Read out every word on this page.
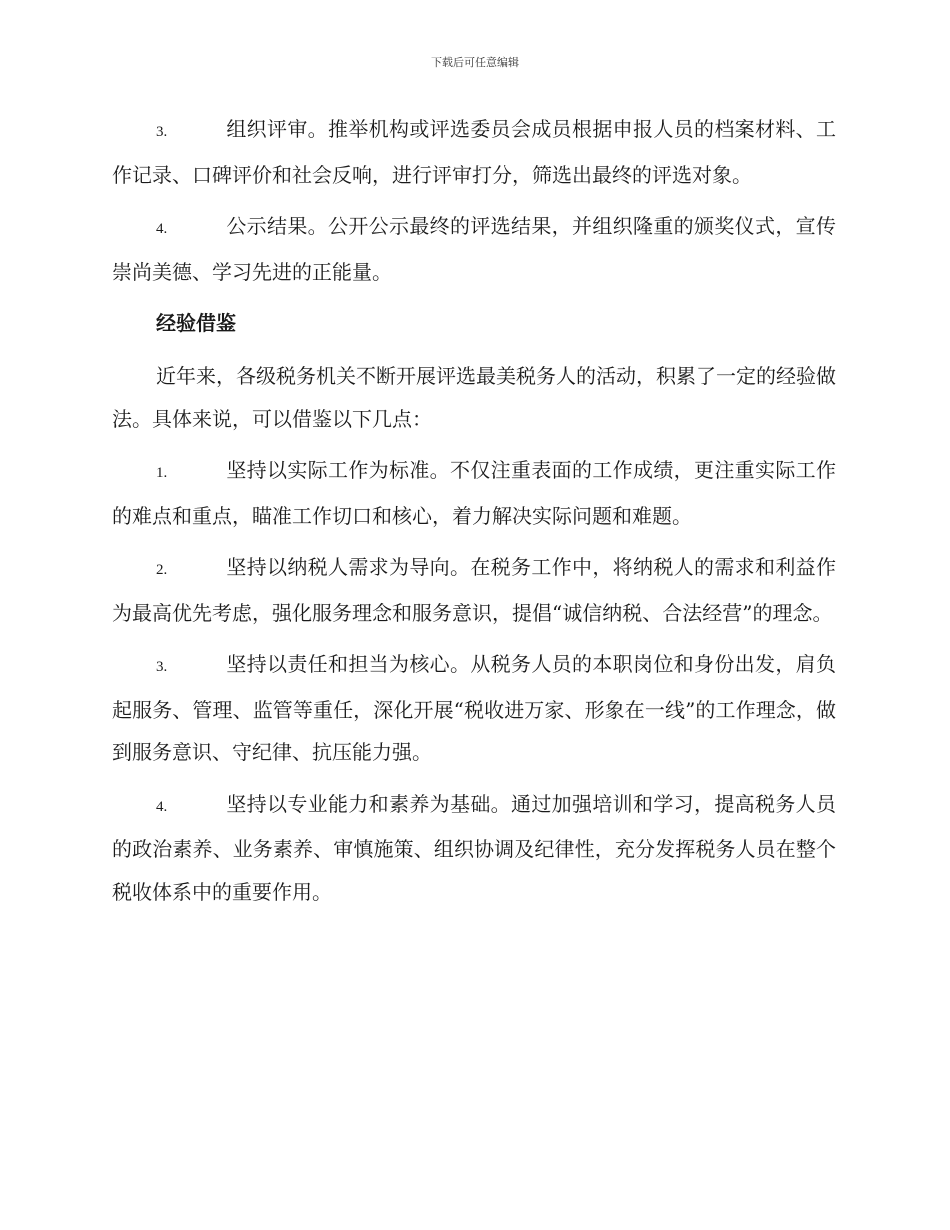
下载后可任意编辑

3.	组织评审。推举机构或评选委员会成员根据申报人员的档案材料、工作记录、口碑评价和社会反响，进行评审打分，筛选出最终的评选对象。

4.	公示结果。公开公示最终的评选结果，并组织隆重的颁奖仪式，宣传崇尚美德、学习先进的正能量。

经验借鉴

近年来，各级税务机关不断开展评选最美税务人的活动，积累了一定的经验做法。具体来说，可以借鉴以下几点：

1.	坚持以实际工作为标准。不仅注重表面的工作成绩，更注重实际工作的难点和重点，瞄准工作切口和核心，着力解决实际问题和难题。

2.	坚持以纳税人需求为导向。在税务工作中，将纳税人的需求和利益作为最高优先考虑，强化服务理念和服务意识，提倡“诚信纳税、合法经营”的理念。

3.	坚持以责任和担当为核心。从税务人员的本职岗位和身份出发，肩负起服务、管理、监管等重任，深化开展“税收进万家、形象在一线”的工作理念，做到服务意识、守纪律、抗压能力强。

4.	坚持以专业能力和素养为基础。通过加强培训和学习，提高税务人员的政治素养、业务素养、审慎施策、组织协调及纪律性，充分发挥税务人员在整个税收体系中的重要作用。
